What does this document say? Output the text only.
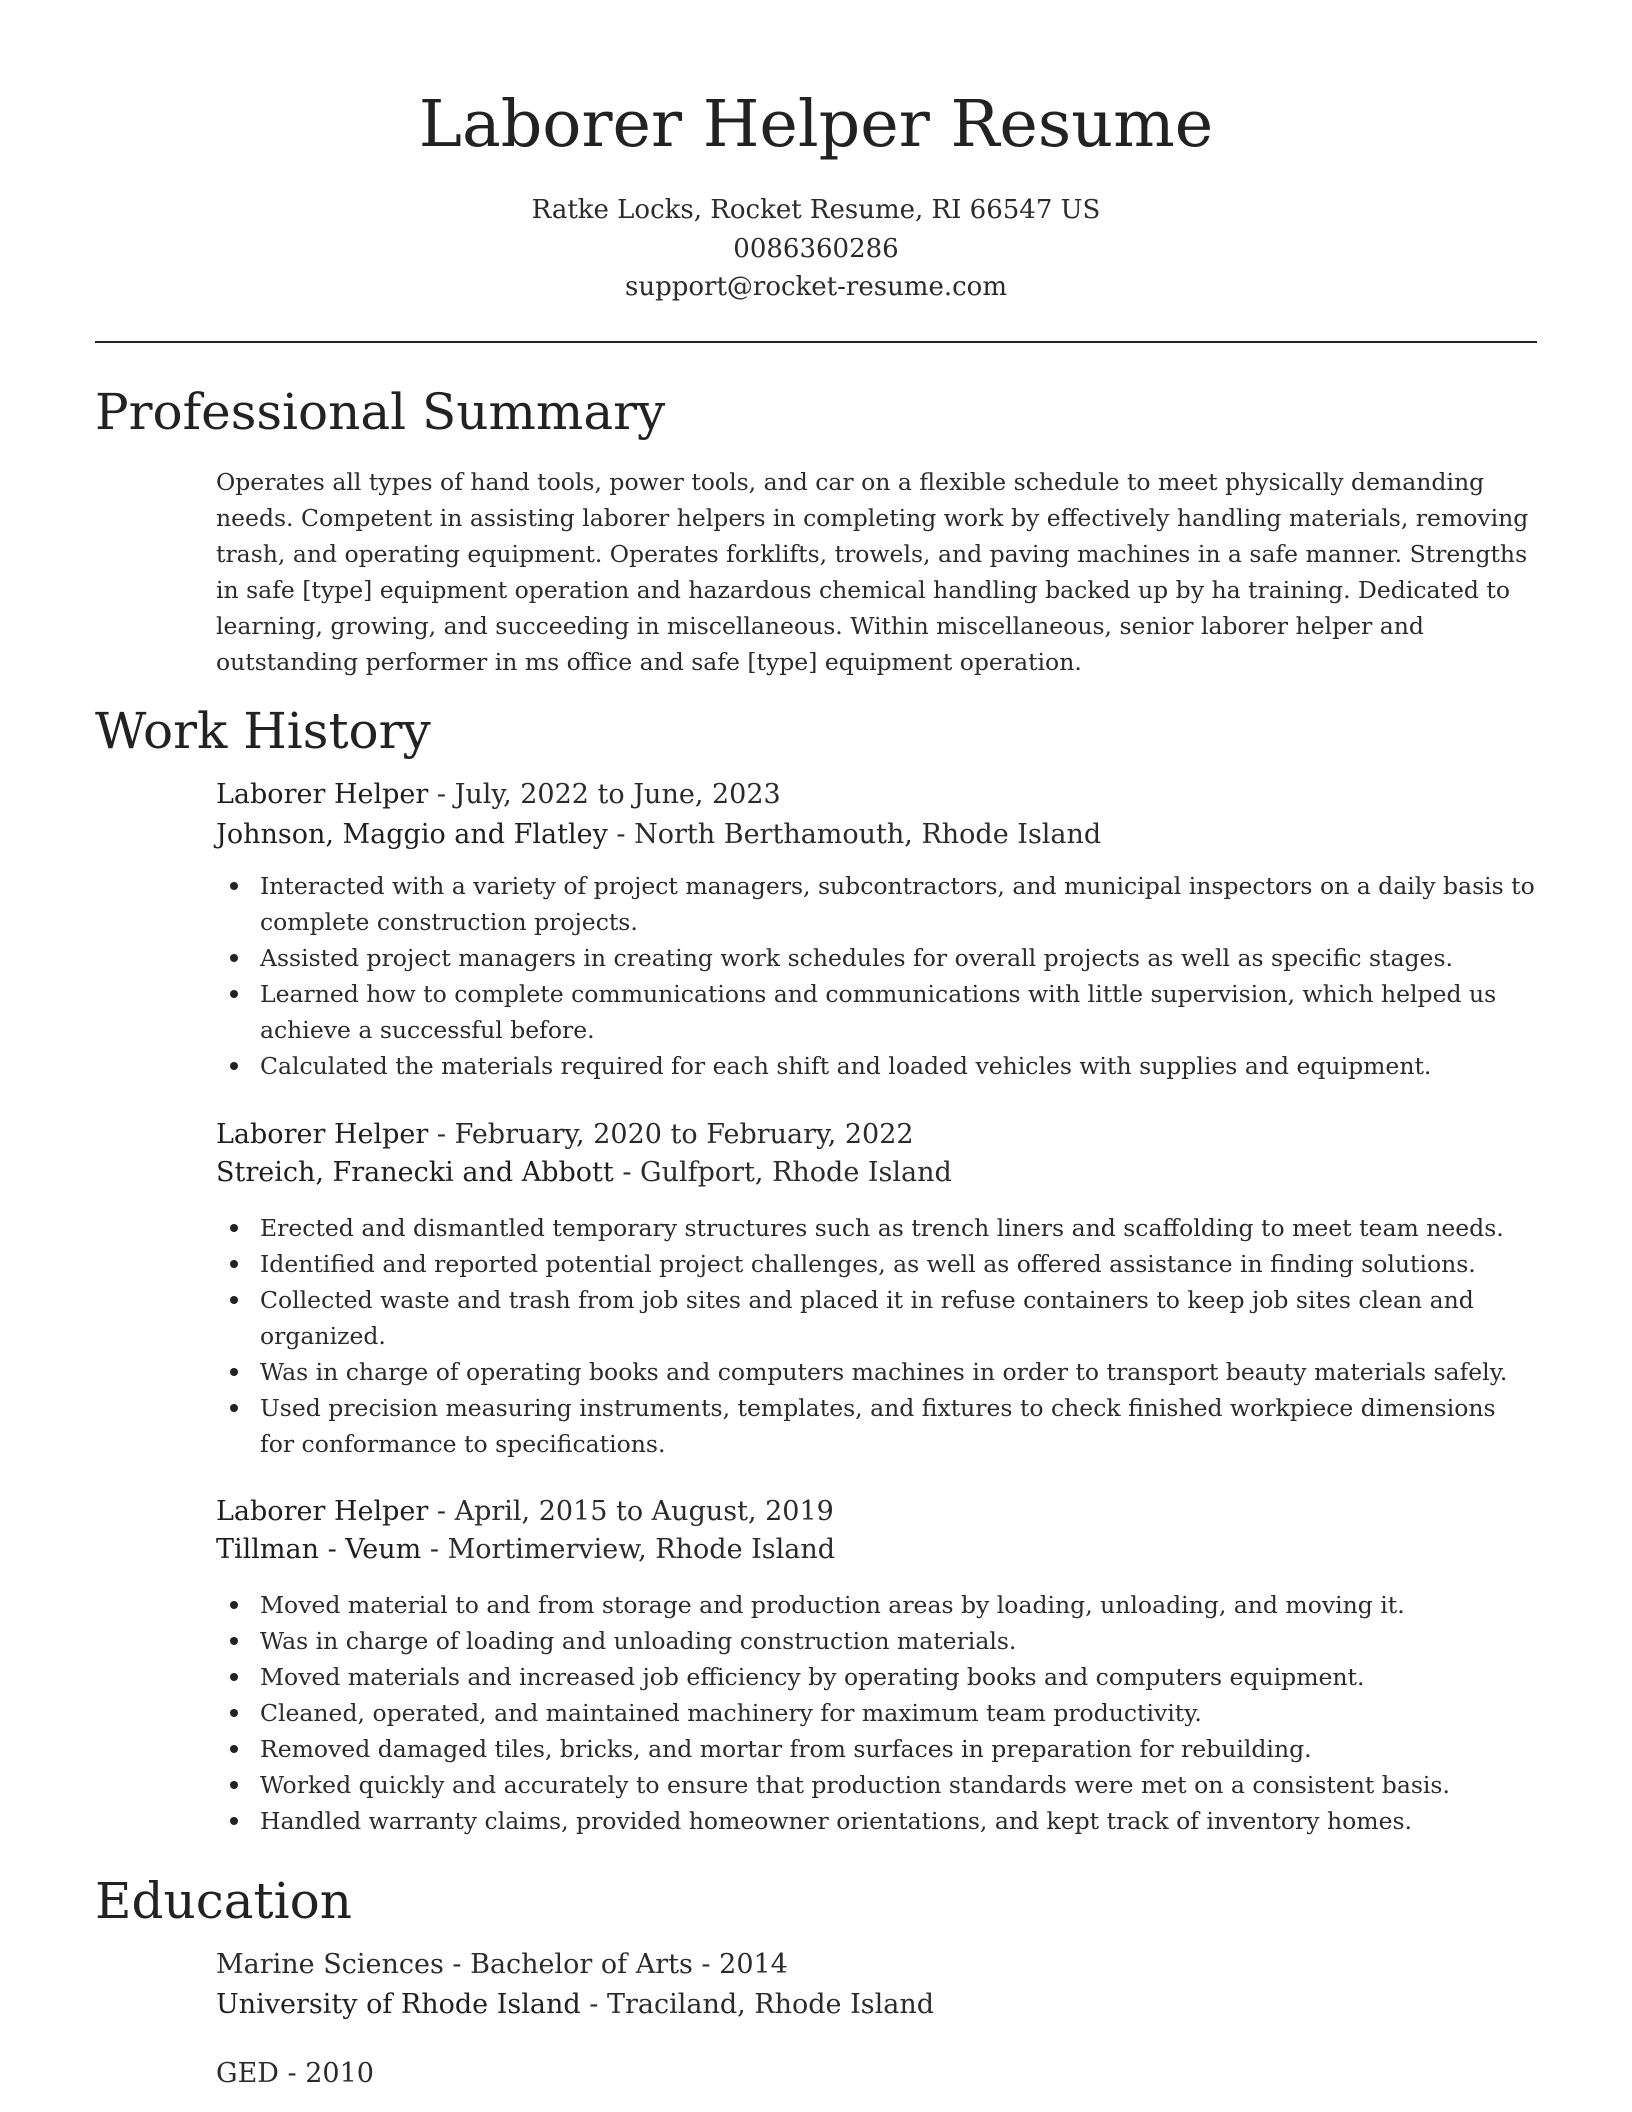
Laborer Helper Resume
Ratke Locks, Rocket Resume, RI 66547 US
0086360286
support@rocket-resume.com
Professional Summary

Operates all types of hand tools, power tools, and car on a flexible schedule to meet physically demanding needs. Competent in assisting laborer helpers in completing work by effectively handling materials, removing trash, and operating equipment. Operates forklifts, trowels, and paving machines in a safe manner. Strengths in safe [type] equipment operation and hazardous chemical handling backed up by ha training. Dedicated to learning, growing, and succeeding in miscellaneous. Within miscellaneous, senior laborer helper and outstanding performer in ms office and safe [type] equipment operation.

Work History
Laborer Helper - July, 2022 to June, 2023
Johnson, Maggio and Flatley - North Berthamouth, Rhode Island
Interacted with a variety of project managers, subcontractors, and municipal inspectors on a daily basis to complete construction projects.
Assisted project managers in creating work schedules for overall projects as well as specific stages.
Learned how to complete communications and communications with little supervision, which helped us achieve a successful before.
Calculated the materials required for each shift and loaded vehicles with supplies and equipment.
Laborer Helper - February, 2020 to February, 2022
Streich, Franecki and Abbott - Gulfport, Rhode Island
Erected and dismantled temporary structures such as trench liners and scaffolding to meet team needs.
Identified and reported potential project challenges, as well as offered assistance in finding solutions.
Collected waste and trash from job sites and placed it in refuse containers to keep job sites clean and organized.
Was in charge of operating books and computers machines in order to transport beauty materials safely.
Used precision measuring instruments, templates, and fixtures to check finished workpiece dimensions for conformance to specifications.
Laborer Helper - April, 2015 to August, 2019
Tillman - Veum - Mortimerview, Rhode Island
Moved material to and from storage and production areas by loading, unloading, and moving it.
Was in charge of loading and unloading construction materials.
Moved materials and increased job efficiency by operating books and computers equipment.
Cleaned, operated, and maintained machinery for maximum team productivity.
Removed damaged tiles, bricks, and mortar from surfaces in preparation for rebuilding.
Worked quickly and accurately to ensure that production standards were met on a consistent basis.
Handled warranty claims, provided homeowner orientations, and kept track of inventory homes.
Education
Marine Sciences - Bachelor of Arts - 2014
University of Rhode Island - Traciland, Rhode Island
GED - 2010
